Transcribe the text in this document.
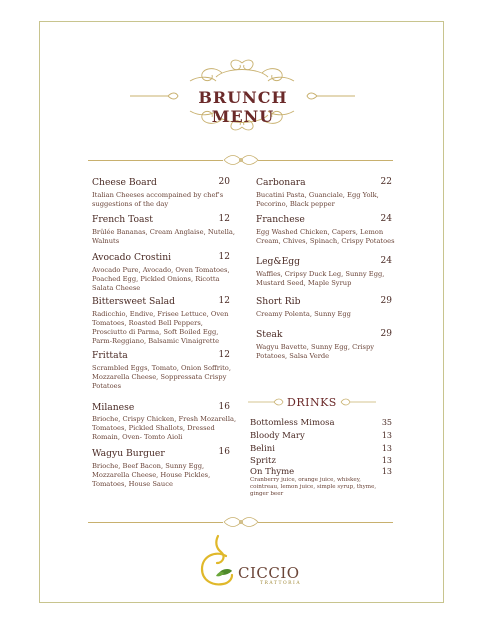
BRUNCH MENU
Cheese Board	20
Italian Cheeses accompained by chef's suggestions of the day
French Toast	12
Brûlée Bananas, Cream Anglaise, Nutella, Walnuts
Avocado Crostini	12
Avocado Pure, Avocado, Oven Tomatoes, Poached Egg, Pickled Onions, Ricotta Salata Cheese
Bittersweet Salad	12
Radicchio, Endive, Frisee Lettuce, Oven Tomatoes, Roasted Bell Peppers, Prosciutto di Parma, Soft Boiled Egg, Parm-Reggiano, Balsamic Vinaigrette
Frittata	12
Scrambled Eggs, Tomato, Onion Soffrito, Mozzarella Cheese, Soppressata Crispy Potatoes
Milanese	16
Brioche, Crispy Chicken, Fresh Mozarella, Tomatoes, Pickled Shallots, Dressed Romain, Oven- Tomto Aioli
Wagyu Burguer	16
Brioche, Beef Bacon, Sunny Egg, Mozzarella Cheese, House Pickles, Tomatoes, House Sauce
Carbonara	22
Bucatini Pasta, Guanciale, Egg Yolk, Pecorino, Black pepper
Franchese	24
Egg Washed Chicken, Capers, Lemon Cream, Chives, Spinach, Crispy Potatoes
Leg&Egg	24
Waffles, Cripsy Duck Leg, Sunny Egg, Mustard Seed, Maple Syrup
Short Rib	29
Creamy Polenta, Sunny Egg
Steak	29
Wagyu Bavette, Sunny Egg, Crispy Potatoes, Salsa Verde
DRINKS
Bottomless Mimosa	35
Bloody Mary	13
Belini	13
Spritz	13
On Thyme	13
Cranberry juice, orange juice, whiskey, cointreau, lemon juice, simple syrup, thyme, ginger beer
CICCIO
TRATTORIA
